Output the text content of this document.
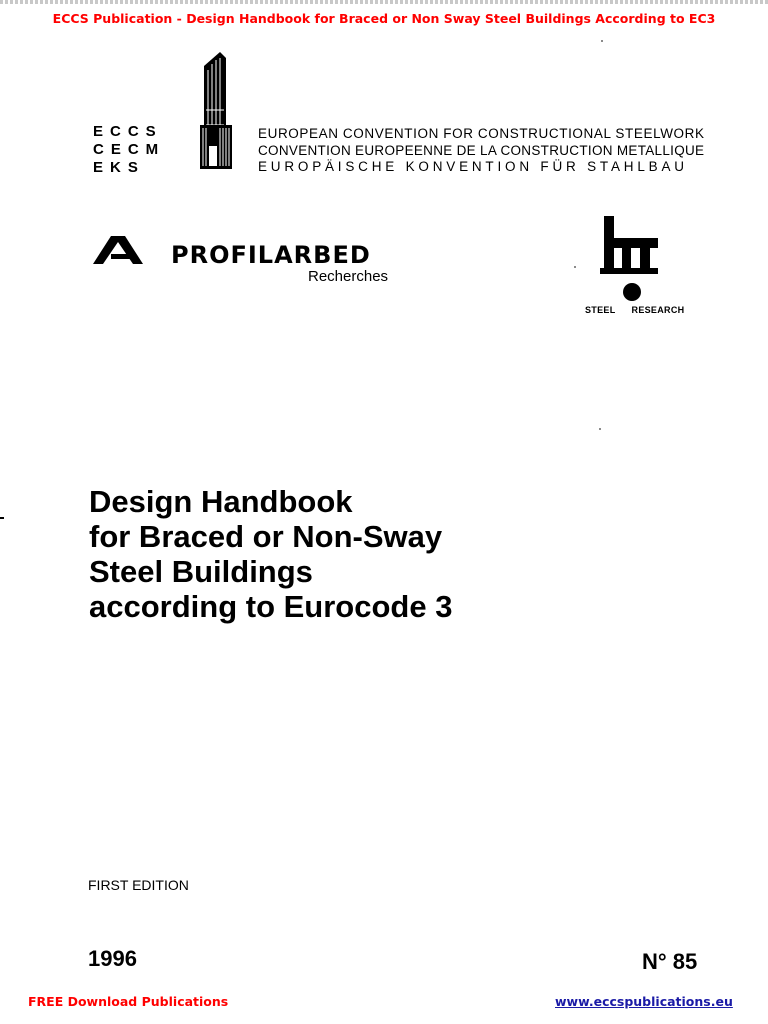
ECCS Publication - Design Handbook for Braced or Non Sway Steel Buildings According to EC3
ECCS
CECM
EKS
EUROPEAN CONVENTION FOR CONSTRUCTIONAL STEELWORK
CONVENTION EUROPEENNE DE LA CONSTRUCTION METALLIQUE
EUROPÄISCHE KONVENTION FÜR STAHLBAU
PROFILARBED
Recherches
STEEL RESEARCH
Design Handbook
for Braced or Non-Sway
Steel Buildings
according to Eurocode 3
FIRST EDITION
1996	N° 85
FREE Download Publications	www.eccspublications.eu
